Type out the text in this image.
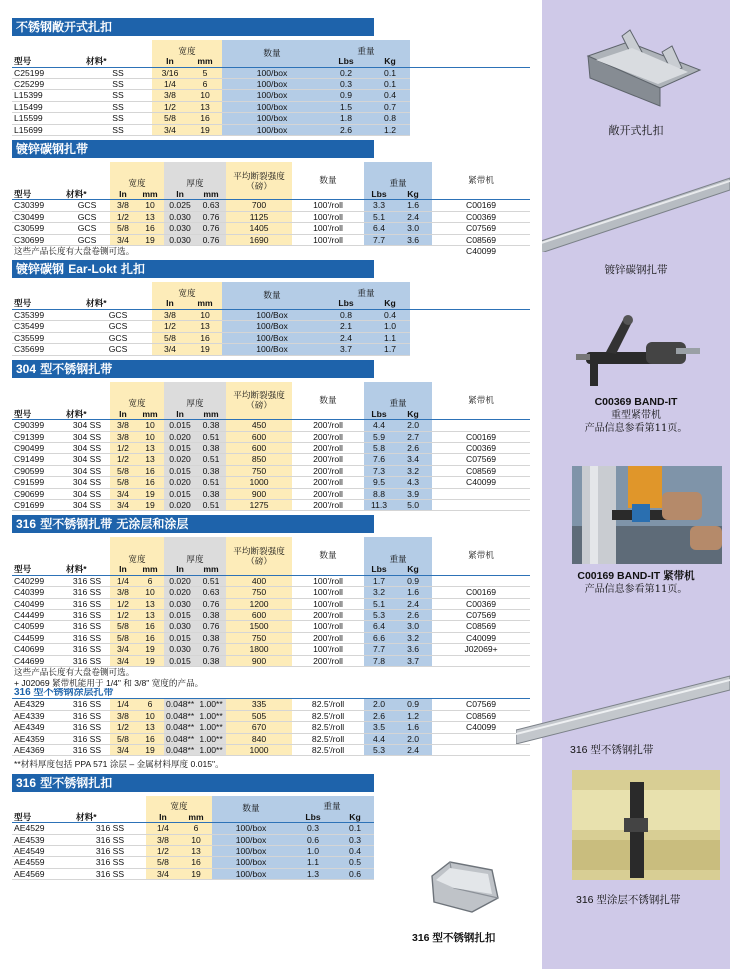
不锈钢敞开式扎扣
		宽度		数量	重量		
型号	材料*	In	mm		Lbs	Kg	
C25199	SS	3/16	5	100/box	0.2	0.1	
C25299	SS	1/4	6	100/box	0.3	0.1	
L15399	SS	3/8	10	100/box	0.9	0.4	
L15499	SS	1/2	13	100/box	1.5	0.7	
L15599	SS	5/8	16	100/box	1.8	0.8	
L15699	SS	3/4	19	100/box	2.6	1.2	
镀锌碳钢扎带
		宽度		厚度		平均断裂强度（磅）	数量	重量		紧带机
型号	材料*	In	mm	In	mm			Lbs	Kg	
C30399	GCS	3/8	10	0.025	0.63	700	100'/roll	3.3	1.6	C00169
C30499	GCS	1/2	13	0.030	0.76	1125	100'/roll	5.1	2.4	C00369
C30599	GCS	5/8	16	0.030	0.76	1405	100'/roll	6.4	3.0	C07569
C30699	GCS	3/4	19	0.030	0.76	1690	100'/roll	7.7	3.6	C08569
这些产品长度有大盘卷铡可选。										C40099
镀锌碳钢 Ear-Lokt 扎扣
		宽度		数量	重量		
型号	材料*	In	mm		Lbs	Kg	
C35399	GCS	3/8	10	100/Box	0.8	0.4	
C35499	GCS	1/2	13	100/Box	2.1	1.0	
C35599	GCS	5/8	16	100/Box	2.4	1.1	
C35699	GCS	3/4	19	100/Box	3.7	1.7	
304 型不锈钢扎带
		宽度		厚度		平均断裂强度（磅）	数量	重量		紧带机
型号	材料*	In	mm	In	mm			Lbs	Kg	
C90399	304 SS	3/8	10	0.015	0.38	450	200'/roll	4.4	2.0	
C91399	304 SS	3/8	10	0.020	0.51	600	200'/roll	5.9	2.7	C00169
C90499	304 SS	1/2	13	0.015	0.38	600	200'/roll	5.8	2.6	C00369
C91499	304 SS	1/2	13	0.020	0.51	850	200'/roll	7.6	3.4	C07569
C90599	304 SS	5/8	16	0.015	0.38	750	200'/roll	7.3	3.2	C08569
C91599	304 SS	5/8	16	0.020	0.51	1000	200'/roll	9.5	4.3	C40099
C90699	304 SS	3/4	19	0.015	0.38	900	200'/roll	8.8	3.9	
C91699	304 SS	3/4	19	0.020	0.51	1275	200'/roll	11.3	5.0	
316 型不锈钢扎带 无涂层和涂层
		宽度		厚度		平均断裂强度（磅）	数量	重量		紧带机
型号	材料*	In	mm	In	mm			Lbs	Kg	
C40299	316 SS	1/4	6	0.020	0.51	400	100'/roll	1.7	0.9	
C40399	316 SS	3/8	10	0.020	0.63	750	100'/roll	3.2	1.6	C00169
C40499	316 SS	1/2	13	0.030	0.76	1200	100'/roll	5.1	2.4	C00369
C44499	316 SS	1/2	13	0.015	0.38	600	200'/roll	5.3	2.6	C07569
C40599	316 SS	5/8	16	0.030	0.76	1500	100'/roll	6.4	3.0	C08569
C44599	316 SS	5/8	16	0.015	0.38	750	200'/roll	6.6	3.2	C40099
C40699	316 SS	3/4	19	0.030	0.76	1800	100'/roll	7.7	3.6	J02069+
C44699	316 SS	3/4	19	0.015	0.38	900	200'/roll	7.8	3.7	
这些产品长度有大盘卷铡可选。										
+ J02069 紧带机能用于 1/4" 和 3/8" 宽度的产品。										
316 型不锈钢涂层扎带										
AE4329	316 SS	1/4	6	0.048**	1.00**	335	82.5'/roll	2.0	0.9	C07569
AE4339	316 SS	3/8	10	0.048**	1.00**	505	82.5'/roll	2.6	1.2	C08569
AE4349	316 SS	1/2	13	0.048**	1.00**	670	82.5'/roll	3.5	1.6	C40099
AE4359	316 SS	5/8	16	0.048**	1.00**	840	82.5'/roll	4.4	2.0	
AE4369	316 SS	3/4	19	0.048**	1.00**	1000	82.5'/roll	5.3	2.4	
**材料厚度包括 PPA 571 涂层 – 金属材料厚度 0.015"。										
316 型不锈钢扎扣
		宽度		数量	重量	
型号	材料*	In	mm		Lbs	Kg
AE4529	316 SS	1/4	6	100/box	0.3	0.1
AE4539	316 SS	3/8	10	100/box	0.6	0.3
AE4549	316 SS	1/2	13	100/box	1.0	0.4
AE4559	316 SS	5/8	16	100/box	1.1	0.5
AE4569	316 SS	3/4	19	100/box	1.3	0.6
316 型不锈钢扎扣
敞开式扎扣
镀锌碳钢扎带
C00369 BAND-IT
重型紧带机
产品信息参看第11页。
C00169 BAND-IT 紧带机
产品信息参看第11页。
316 型不锈钢扎带
316 型涂层不锈钢扎带
